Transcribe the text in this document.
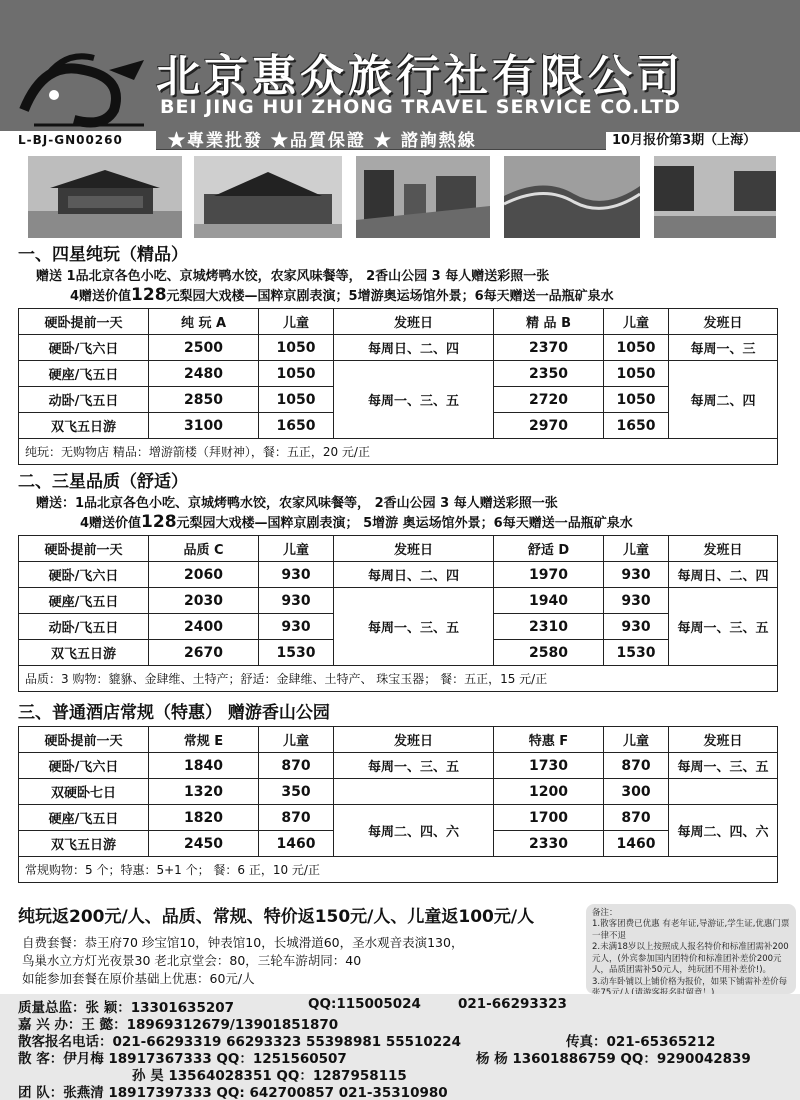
北京惠众旅行社有限公司
BEI JING HUI ZHONG TRAVEL SERVICE CO.LTD
L-BJ-GN00260	★專業批發 ★品質保證 ★ 諮詢熱線	10月报价第3期（上海）
一、四星纯玩（精品）
赠送 1品北京各色小吃、京城烤鸭水饺，农家风味餐等， 2香山公园 3 每人赠送彩照一张
4赠送价值128元梨园大戏楼—国粹京剧表演；5增游奥运场馆外景；6每天赠送一品瓶矿泉水
硬卧提前一天	纯 玩 A	儿童	发班日	精 品 B	儿童	发班日
硬卧/飞六日	2500	1050	每周日、二、四	2370	1050	每周一、三
硬座/飞五日	2480	1050	每周一、三、五	2350	1050	每周二、四
动卧/飞五日	2850	1050		2720	1050	
双飞五日游	3100	1650		2970	1650	
纯玩：无购物店 精品：增游箭楼（拜财神），餐：五正，20 元/正						
二、三星品质（舒适）
赠送：1品北京各色小吃、京城烤鸭水饺，农家风味餐等， 2香山公园 3 每人赠送彩照一张
4赠送价值128元梨园大戏楼—国粹京剧表演； 5增游 奥运场馆外景；6每天赠送一品瓶矿泉水
硬卧提前一天	品质 C	儿童	发班日	舒适 D	儿童	发班日
硬卧/飞六日	2060	930	每周日、二、四	1970	930	每周日、二、四
硬座/飞五日	2030	930	每周一、三、五	1940	930	每周一、三、五
动卧/飞五日	2400	930		2310	930	
双飞五日游	2670	1530		2580	1530	
品质：3 购物：貔貅、金肆维、土特产；舒适：金肆维、土特产、 珠宝玉器； 餐：五正，15 元/正						
三、普通酒店常规（特惠） 赠游香山公园
硬卧提前一天	常规 E	儿童	发班日	特惠 F	儿童	发班日
硬卧/飞六日	1840	870	每周一、三、五	1730	870	每周一、三、五
双硬卧七日	1320	350		1200	300	
硬座/飞五日	1820	870	每周二、四、六	1700	870	每周二、四、六
双飞五日游	2450	1460		2330	1460	
常规购物：5 个；特惠：5+1 个； 餐：6 正，10 元/正						
纯玩返200元/人、品质、常规、特价返150元/人、儿童返100元/人
自费套餐：恭王府70 珍宝馆10，钟表馆10，长城滑道60，圣水观音表演130，
鸟巢水立方灯光夜景30 老北京堂会：80，三轮车游胡同：40
如能参加套餐在原价基础上优惠：60元/人
备注：
1.散客团费已优惠 有老年证,导游证,学生证,优惠门票一律不退
2.未满18岁以上按照成人报名特价和标准团需补200元人，(外宾参加国内团特价和标准团补差价200元人，品质团需补50元人，纯玩团不用补差价!)。
3.动车卧铺以上铺价格为报价，如果下铺需补差价每
质量总监：张 颖：13301635207	QQ:115005024	021-66293323
嘉 兴 办：王 懿：18969312679/13901851870
散客报名电话：021-66293319 66293323 55398981 55510224	传真：021-65365212
散 客：伊月梅 18917367333 QQ：1251560507	杨 杨 13601886759 QQ：9290042839
孙 昊 13564028351 QQ：1287958115
团 队：张燕清 18917397333 QQ: 642700857 021-35310980
